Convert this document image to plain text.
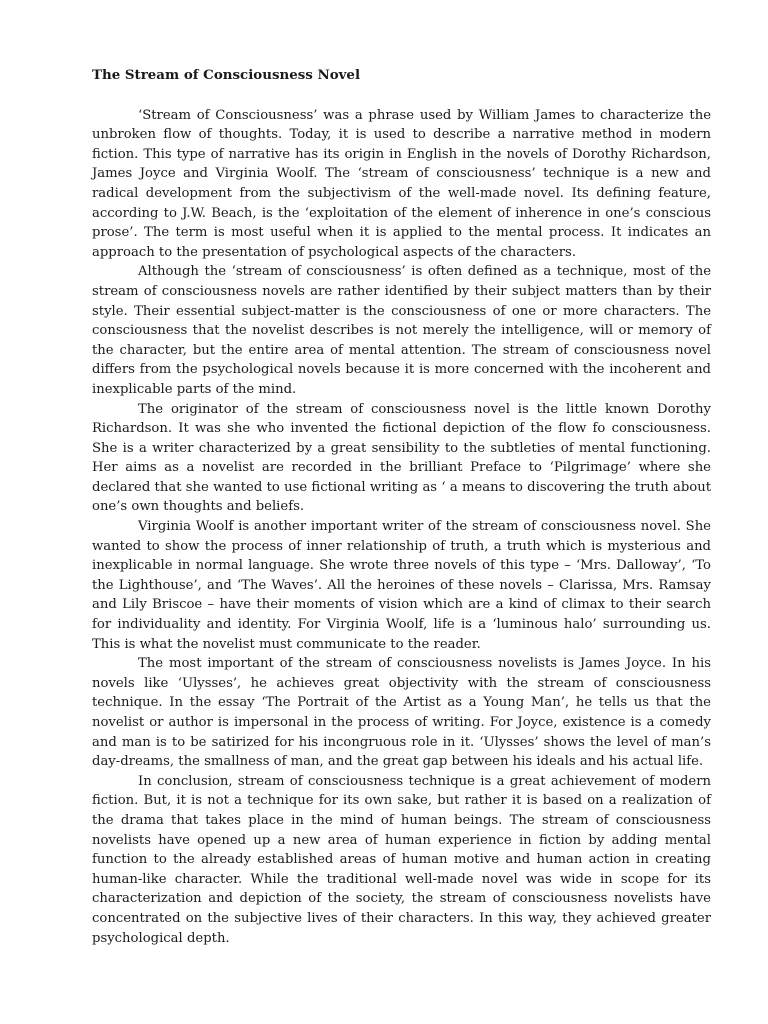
The Stream of Consciousness Novel

‘Stream of Consciousness’ was a phrase used by William James to characterize the unbroken flow of thoughts. Today, it is used to describe a narrative method in modern fiction. This type of narrative has its origin in English in the novels of Dorothy Richardson, James Joyce and Virginia Woolf. The ‘stream of consciousness’ technique is a new and radical development from the subjectivism of the well-made novel. Its defining feature, according to J.W. Beach, is the ‘exploitation of the element of inherence in one’s conscious prose’. The term is most useful when it is applied to the mental process. It indicates an approach to the presentation of psychological aspects of the characters.

Although the ‘stream of consciousness’ is often defined as a technique, most of the stream of consciousness novels are rather identified by their subject matters than by their style. Their essential subject-matter is the consciousness of one or more characters. The consciousness that the novelist describes is not merely the intelligence, will or memory of the character, but the entire area of mental attention. The stream of consciousness novel differs from the psychological novels because it is more concerned with the incoherent and inexplicable parts of the mind.

The originator of the stream of consciousness novel is the little known Dorothy Richardson. It was she who invented the fictional depiction of the flow fo consciousness. She is a writer characterized by a great sensibility to the subtleties of mental functioning. Her aims as a novelist are recorded in the brilliant Preface to ‘Pilgrimage’ where she declared that she wanted to use fictional writing as ‘ a means to discovering the truth about one’s own thoughts and beliefs.

Virginia Woolf is another important writer of the stream of consciousness novel. She wanted to show the process of inner relationship of truth, a truth which is mysterious and inexplicable in normal language. She wrote three novels of this type – ‘Mrs. Dalloway’, ‘To the Lighthouse’, and ‘The Waves’. All the heroines of these novels – Clarissa, Mrs. Ramsay and Lily Briscoe – have their moments of vision which are a kind of climax to their search for individuality and identity. For Virginia Woolf, life is a ‘luminous halo’ surrounding us. This is what the novelist must communicate to the reader.

The most important of the stream of consciousness novelists is James Joyce. In his novels like ‘Ulysses’, he achieves great objectivity with the stream of consciousness technique. In the essay ‘The Portrait of the Artist as a Young Man’, he tells us that the novelist or author is impersonal in the process of writing. For Joyce, existence is a comedy and man is to be satirized for his incongruous role in it. ‘Ulysses’ shows the level of man’s day-dreams, the smallness of man, and the great gap between his ideals and his actual life.

In conclusion, stream of consciousness technique is a great achievement of modern fiction. But, it is not a technique for its own sake, but rather it is based on a realization of the drama that takes place in the mind of human beings. The stream of consciousness novelists have opened up a new area of human experience in fiction by adding mental function to the already established areas of human motive and human action in creating human-like character. While the traditional well-made novel was wide in scope for its characterization and depiction of the society, the stream of consciousness novelists have concentrated on the subjective lives of their characters. In this way, they achieved greater psychological depth.
